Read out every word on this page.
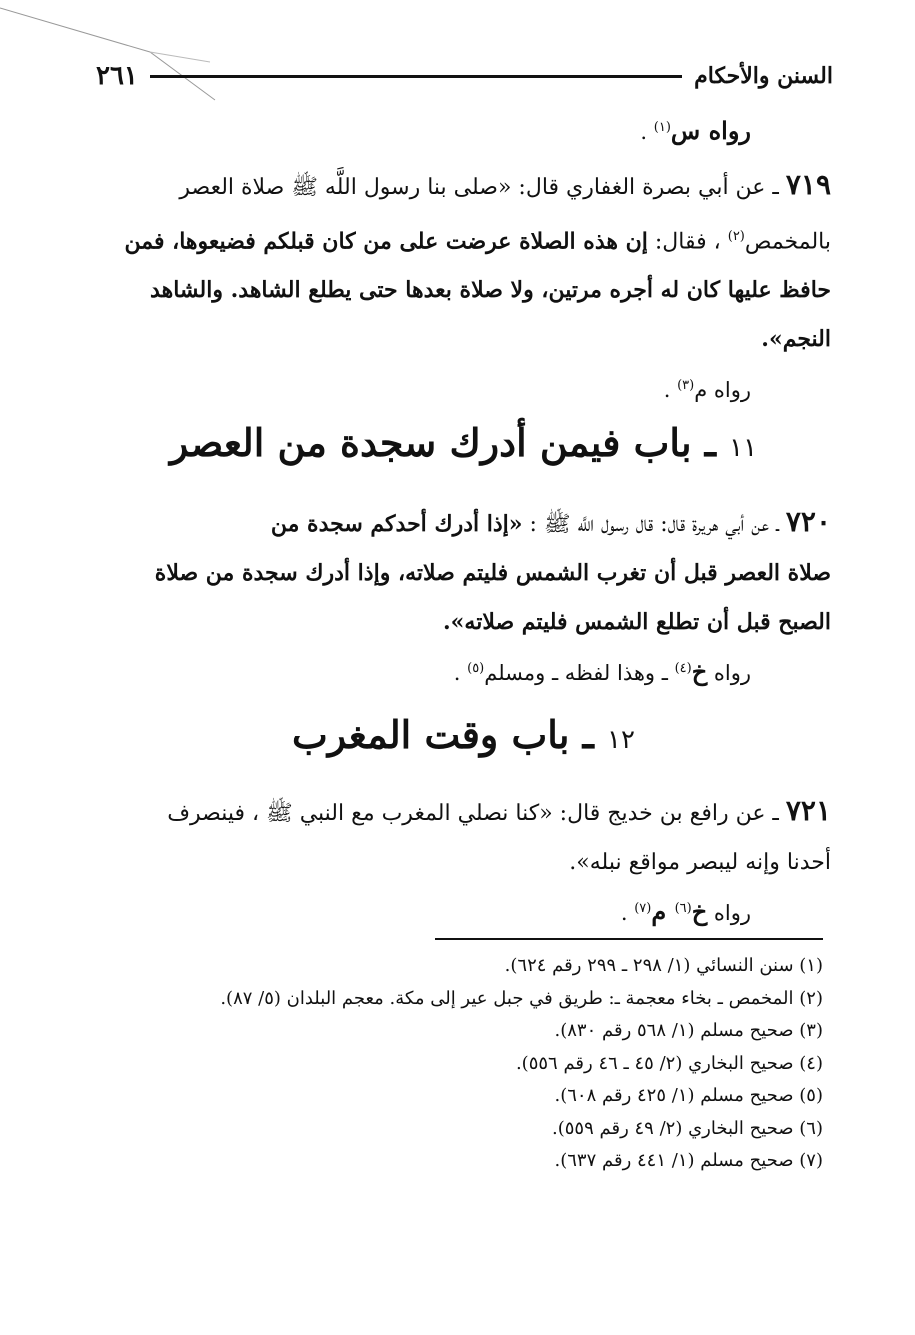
السنن والأحكام
٢٦١
رواه س$^{(١)}$ .
٧١٩ ـ عن أبي بصرة الغفاري قال: «صلى بنا رسول اللَّه ﷺ صلاة العصر
بالمخمص$^{(٢)}$ ، فقال: إن هذه الصلاة عرضت على من كان قبلكم فضيعوها، فمن
حافظ عليها كان له أجره مرتين، ولا صلاة بعدها حتى يطلع الشاهد. والشاهد
النجم».
رواه م$^{(٣)}$ .
١١ ـ باب فيمن أدرك سجدة من العصر
٧٢٠ ـ عن أبي هريرة قال: قال رسول اللَّه ﷺ : «إذا أدرك أحدكم سجدة من
صلاة العصر قبل أن تغرب الشمس فليتم صلاته، وإذا أدرك سجدة من صلاة
الصبح قبل أن تطلع الشمس فليتم صلاته».
رواه خ$^{(٤)}$ ـ وهذا لفظه ـ ومسلم$^{(٥)}$ .
١٢ ـ باب وقت المغرب
٧٢١ ـ عن رافع بن خديج قال: «كنا نصلي المغرب مع النبي ﷺ ، فينصرف
أحدنا وإنه ليبصر مواقع نبله».
رواه خ$^{(٦)}$ م$^{(٧)}$ .
(١) سنن النسائي (١/ ٢٩٨ ـ ٢٩٩ رقم ٦٢٤).
(٢) المخمص ـ بخاء معجمة ـ: طريق في جبل عير إلى مكة. معجم البلدان (٥/ ٨٧).
(٣) صحيح مسلم (١/ ٥٦٨ رقم ٨٣٠).
(٤) صحيح البخاري (٢/ ٤٥ ـ ٤٦ رقم ٥٥٦).
(٥) صحيح مسلم (١/ ٤٢٥ رقم ٦٠٨).
(٦) صحيح البخاري (٢/ ٤٩ رقم ٥٥٩).
(٧) صحيح مسلم (١/ ٤٤١ رقم ٦٣٧).
